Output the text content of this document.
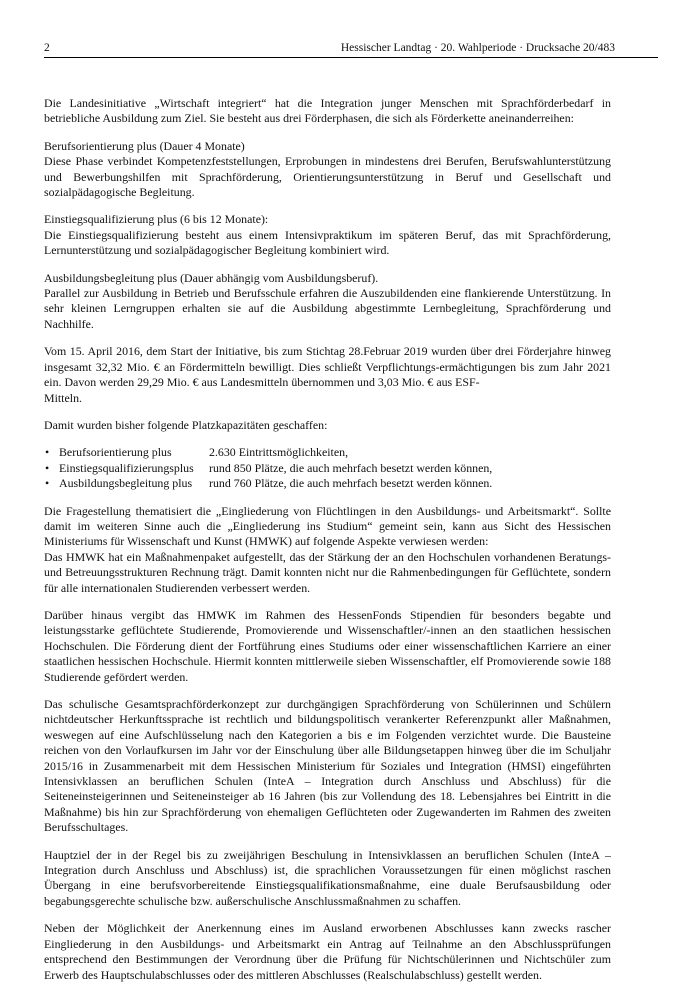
2	Hessischer Landtag · 20. Wahlperiode · Drucksache 20/483

Die Landesinitiative „Wirtschaft integriert“ hat die Integration junger Menschen mit Sprachförderbedarf in betriebliche Ausbildung zum Ziel. Sie besteht aus drei Förderphasen, die sich als Förderkette aneinanderreihen:

Berufsorientierung plus (Dauer 4 Monate)

Diese Phase verbindet Kompetenzfeststellungen, Erprobungen in mindestens drei Berufen, Berufswahlunterstützung und Bewerbungshilfen mit Sprachförderung, Orientierungsunterstützung in Beruf und Gesellschaft und sozialpädagogische Begleitung.

Einstiegsqualifizierung plus (6 bis 12 Monate):

Die Einstiegsqualifizierung besteht aus einem Intensivpraktikum im späteren Beruf, das mit Sprachförderung, Lernunterstützung und sozialpädagogischer Begleitung kombiniert wird.

Ausbildungsbegleitung plus (Dauer abhängig vom Ausbildungsberuf).

Parallel zur Ausbildung in Betrieb und Berufsschule erfahren die Auszubildenden eine flankierende Unterstützung. In sehr kleinen Lerngruppen erhalten sie auf die Ausbildung abgestimmte Lernbegleitung, Sprachförderung und Nachhilfe.

Vom 15. April 2016, dem Start der Initiative, bis zum Stichtag 28.Februar 2019 wurden über drei Förderjahre hinweg insgesamt 32,32 Mio. € an Fördermitteln bewilligt. Dies schließt Verpflichtungs-ermächtigungen bis zum Jahr 2021 ein. Davon werden 29,29 Mio. € aus Landesmitteln übernommen und 3,03 Mio. € aus ESF-

Mitteln.

Damit wurden bisher folgende Platzkapazitäten geschaffen:

• Berufsorientierung plus	2.630 Eintrittsmöglichkeiten,
• Einstiegsqualifizierungsplus rund 850 Plätze, die auch mehrfach besetzt werden können,
• Ausbildungsbegleitung plus rund 760 Plätze, die auch mehrfach besetzt werden können.

Die Fragestellung thematisiert die „Eingliederung von Flüchtlingen in den Ausbildungs- und Arbeitsmarkt“. Sollte damit im weiteren Sinne auch die „Eingliederung ins Studium“ gemeint sein, kann aus Sicht des Hessischen Ministeriums für Wissenschaft und Kunst (HMWK) auf folgende Aspekte verwiesen werden:

Das HMWK hat ein Maßnahmenpaket aufgestellt, das der Stärkung der an den Hochschulen vorhandenen Beratungs- und Betreuungsstrukturen Rechnung trägt. Damit konnten nicht nur die Rahmenbedingungen für Geflüchtete, sondern für alle internationalen Studierenden verbessert werden.

Darüber hinaus vergibt das HMWK im Rahmen des HessenFonds Stipendien für besonders begabte und leistungsstarke geflüchtete Studierende, Promovierende und Wissenschaftler/-innen an den staatlichen hessischen Hochschulen. Die Förderung dient der Fortführung eines Studiums oder einer wissenschaftlichen Karriere an einer staatlichen hessischen Hochschule. Hiermit konnten mittlerweile sieben Wissenschaftler, elf Promovierende sowie 188 Studierende gefördert werden.

Das schulische Gesamtsprachförderkonzept zur durchgängigen Sprachförderung von Schülerinnen und Schülern nichtdeutscher Herkunftssprache ist rechtlich und bildungspolitisch verankerter Referenzpunkt aller Maßnahmen, weswegen auf eine Aufschlüsselung nach den Kategorien a bis e im Folgenden verzichtet wurde. Die Bausteine reichen von den Vorlaufkursen im Jahr vor der Einschulung über alle Bildungsetappen hinweg über die im Schuljahr 2015/16 in Zusammenarbeit mit dem Hessischen Ministerium für Soziales und Integration (HMSI) eingeführten Intensivklassen an beruflichen Schulen (InteA – Integration durch Anschluss und Abschluss) für die Seiteneinsteigerinnen und Seiteneinsteiger ab 16 Jahren (bis zur Vollendung des 18. Lebensjahres bei Eintritt in die Maßnahme) bis hin zur Sprachförderung von ehemaligen Geflüchteten oder Zugewanderten im Rahmen des zweiten Berufsschultages.

Hauptziel der in der Regel bis zu zweijährigen Beschulung in Intensivklassen an beruflichen Schulen (InteA – Integration durch Anschluss und Abschluss) ist, die sprachlichen Voraussetzungen für einen möglichst raschen Übergang in eine berufsvorbereitende Einstiegsqualifikationsmaßnahme, eine duale Berufsausbildung oder begabungsgerechte schulische bzw. außerschulische Anschlussmaßnahmen zu schaffen.

Neben der Möglichkeit der Anerkennung eines im Ausland erworbenen Abschlusses kann zwecks rascher Eingliederung in den Ausbildungs- und Arbeitsmarkt ein Antrag auf Teilnahme an den Abschlussprüfungen entsprechend den Bestimmungen der Verordnung über die Prüfung für Nichtschülerinnen und Nichtschüler zum Erwerb des Hauptschulabschlusses oder des mittleren Abschlusses (Realschulabschluss) gestellt werden.
